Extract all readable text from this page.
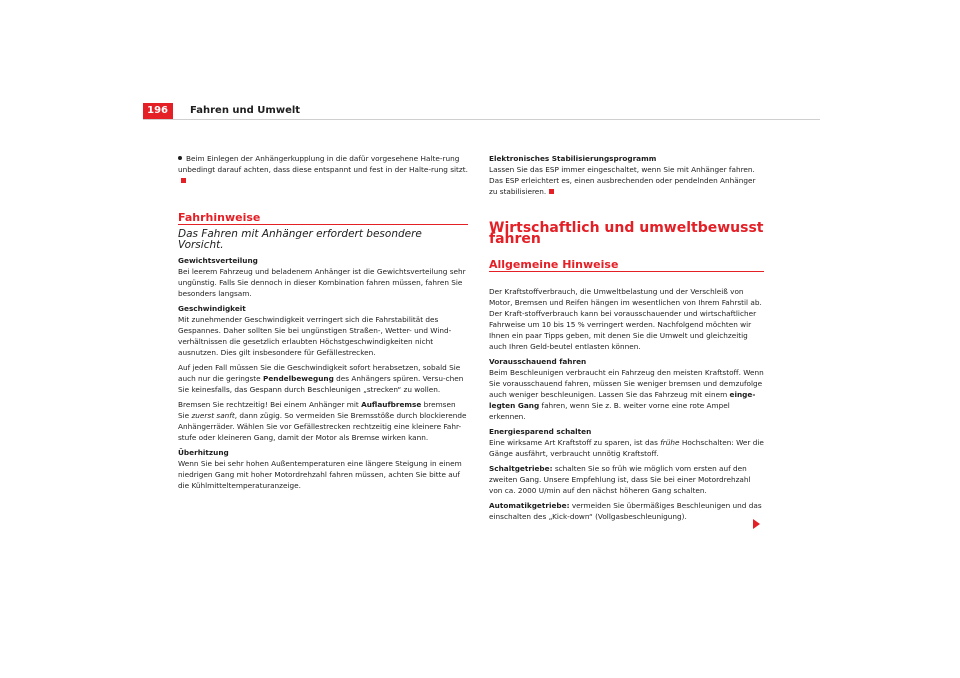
196	Fahren und Umwelt

Beim Einlegen der Anhängerkupplung in die dafür vorgesehene Halte-rung unbedingt darauf achten, dass diese entspannt und fest in der Halte-rung sitzt.

Fahrhinweise

Das Fahren mit Anhänger erfordert besondere Vorsicht.

Gewichtsverteilung

Bei leerem Fahrzeug und beladenem Anhänger ist die Gewichtsverteilung sehr ungünstig. Falls Sie dennoch in dieser Kombination fahren müssen, fahren Sie besonders langsam.

Geschwindigkeit

Mit zunehmender Geschwindigkeit verringert sich die Fahrstabilität des Gespannes. Daher sollten Sie bei ungünstigen Straßen-, Wetter- und Wind-verhältnissen die gesetzlich erlaubten Höchstgeschwindigkeiten nicht ausnutzen. Dies gilt insbesondere für Gefällestrecken.

Auf jeden Fall müssen Sie die Geschwindigkeit sofort herabsetzen, sobald Sie auch nur die geringste Pendelbewegung des Anhängers spüren. Versu-chen Sie keinesfalls, das Gespann durch Beschleunigen „strecken“ zu wollen.

Bremsen Sie rechtzeitig! Bei einem Anhänger mit Auflaufbremse bremsen Sie zuerst sanft, dann zügig. So vermeiden Sie Bremsstöße durch blockierende Anhängerräder. Wählen Sie vor Gefällestrecken rechtzeitig eine kleinere Fahr-stufe oder kleineren Gang, damit der Motor als Bremse wirken kann.

Überhitzung

Wenn Sie bei sehr hohen Außentemperaturen eine längere Steigung in einem niedrigen Gang mit hoher Motordrehzahl fahren müssen, achten Sie bitte auf die Kühlmitteltemperaturanzeige.

Elektronisches Stabilisierungsprogramm

Lassen Sie das ESP immer eingeschaltet, wenn Sie mit Anhänger fahren. Das ESP erleichtert es, einen ausbrechenden oder pendelnden Anhänger zu stabilisieren.

Wirtschaftlich und umweltbewusst fahren

Allgemeine Hinweise

Der Kraftstoffverbrauch, die Umweltbelastung und der Verschleiß von Motor, Bremsen und Reifen hängen im wesentlichen von Ihrem Fahrstil ab. Der Kraft-stoffverbrauch kann bei vorausschauender und wirtschaftlicher Fahrweise um 10 bis 15 % verringert werden. Nachfolgend möchten wir Ihnen ein paar Tipps geben, mit denen Sie die Umwelt und gleichzeitig auch Ihren Geld-beutel entlasten können.

Vorausschauend fahren

Beim Beschleunigen verbraucht ein Fahrzeug den meisten Kraftstoff. Wenn Sie vorausschauend fahren, müssen Sie weniger bremsen und demzufolge auch weniger beschleunigen. Lassen Sie das Fahrzeug mit einem einge-legten Gang fahren, wenn Sie z. B. weiter vorne eine rote Ampel erkennen.

Energiesparend schalten

Eine wirksame Art Kraftstoff zu sparen, ist das frühe Hochschalten: Wer die Gänge ausfährt, verbraucht unnötig Kraftstoff.

Schaltgetriebe: schalten Sie so früh wie möglich vom ersten auf den zweiten Gang. Unsere Empfehlung ist, dass Sie bei einer Motordrehzahl von ca. 2000 U/min auf den nächst höheren Gang schalten.

Automatikgetriebe: vermeiden Sie übermäßiges Beschleunigen und das einschalten des „Kick-down“ (Vollgasbeschleunigung).
